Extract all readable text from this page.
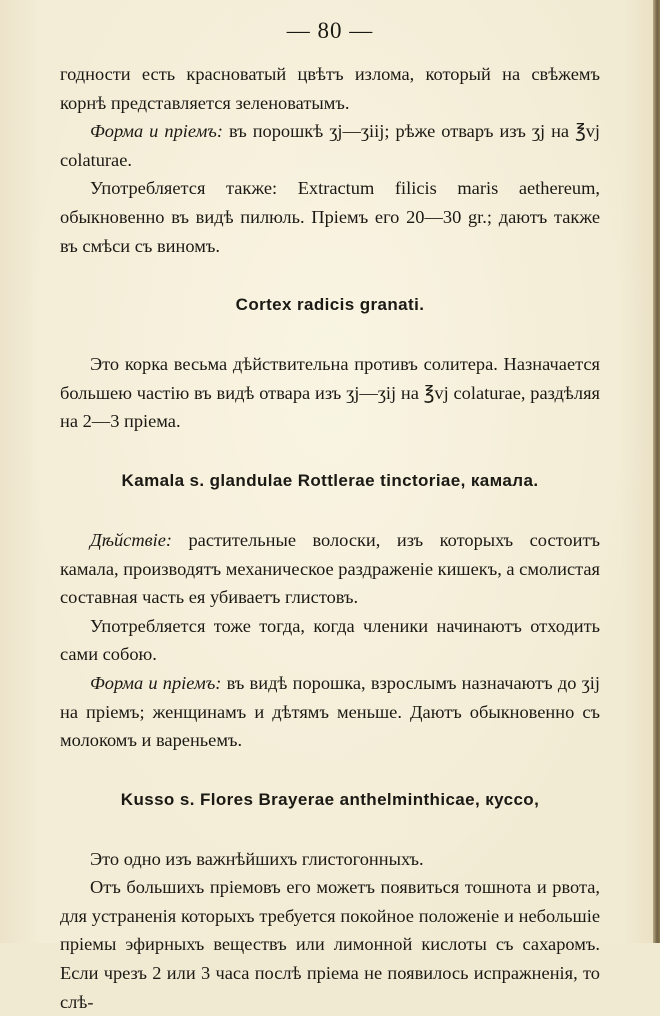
— 80 —

годности есть красноватый цвѣтъ излома, который на свѣжемъ корнѣ представляется зеленоватымъ.

Форма и пріемъ: въ порошкѣ ʒj—ʒiij; рѣже отваръ изъ ʒj на ℥vj colaturae.

Употребляется также: Extractum filicis maris aethereum, обыкновенно въ видѣ пилюль. Пріемъ его 20—30 gr.; даютъ также въ смѣси съ виномъ.

Cortex radicis granati.

Это корка весьма дѣйствительна противъ солитера. Назначается большею частію въ видѣ отвара изъ ʒj—ʒij на ℥vj colaturae, раздѣляя на 2—3 пріема.

Kamala s. glandulae Rottlerae tinctoriae, камала.

Дѣйствіе: растительные волоски, изъ которыхъ состоитъ камала, производятъ механическое раздраженіе кишекъ, а смолистая составная часть ея убиваетъ глистовъ.

Употребляется тоже тогда, когда членики начинаютъ отходить сами собою.

Форма и пріемъ: въ видѣ порошка, взрослымъ назначаютъ до ʒij на пріемъ; женщинамъ и дѣтямъ меньше. Даютъ обыкновенно съ молокомъ и вареньемъ.

Kusso s. Flores Brayerae anthelminthicae, куссо,

Это одно изъ важнѣйшихъ глистогонныхъ.

Отъ большихъ пріемовъ его можетъ появиться тошнота и рвота, для устраненія которыхъ требуется покойное положеніе и небольшіе пріемы эфирныхъ веществъ или лимонной кислоты съ сахаромъ. Если чрезъ 2 или 3 часа послѣ пріема не появилось испражненія, то слѣ-
